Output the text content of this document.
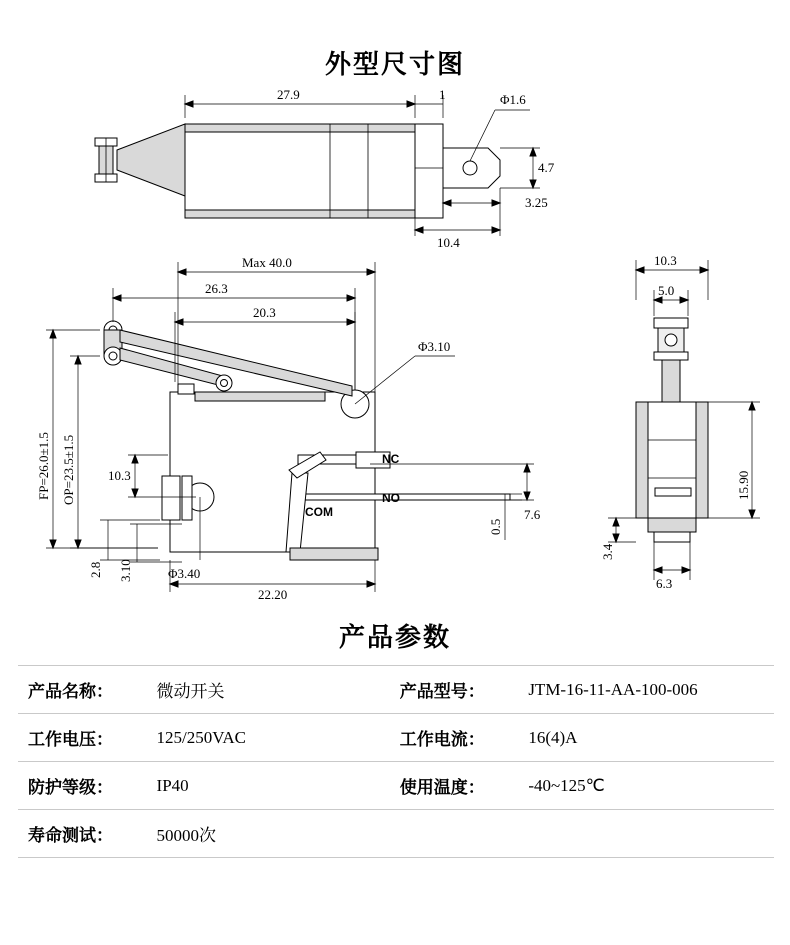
外型尺寸图
27.9	1	Φ1.6
4.7
3.25
10.4
NC
NO
COM
Max 40.0
26.3
20.3
Φ3.10
FP=26.0±1.5 OP=23.5±1.5 10.3
2.8 3.10	Φ3.40
22.20
0.5
7.6
10.3
5.0
15.90
3.4
6.3
产品参数
产品名称：	微动开关	产品型号：	JTM-16-11-AA-100-006
工作电压：	125/250VAC	工作电流：	16(4)A
防护等级：	IP40	使用温度：	-40~125℃
寿命测试：	50000次		
